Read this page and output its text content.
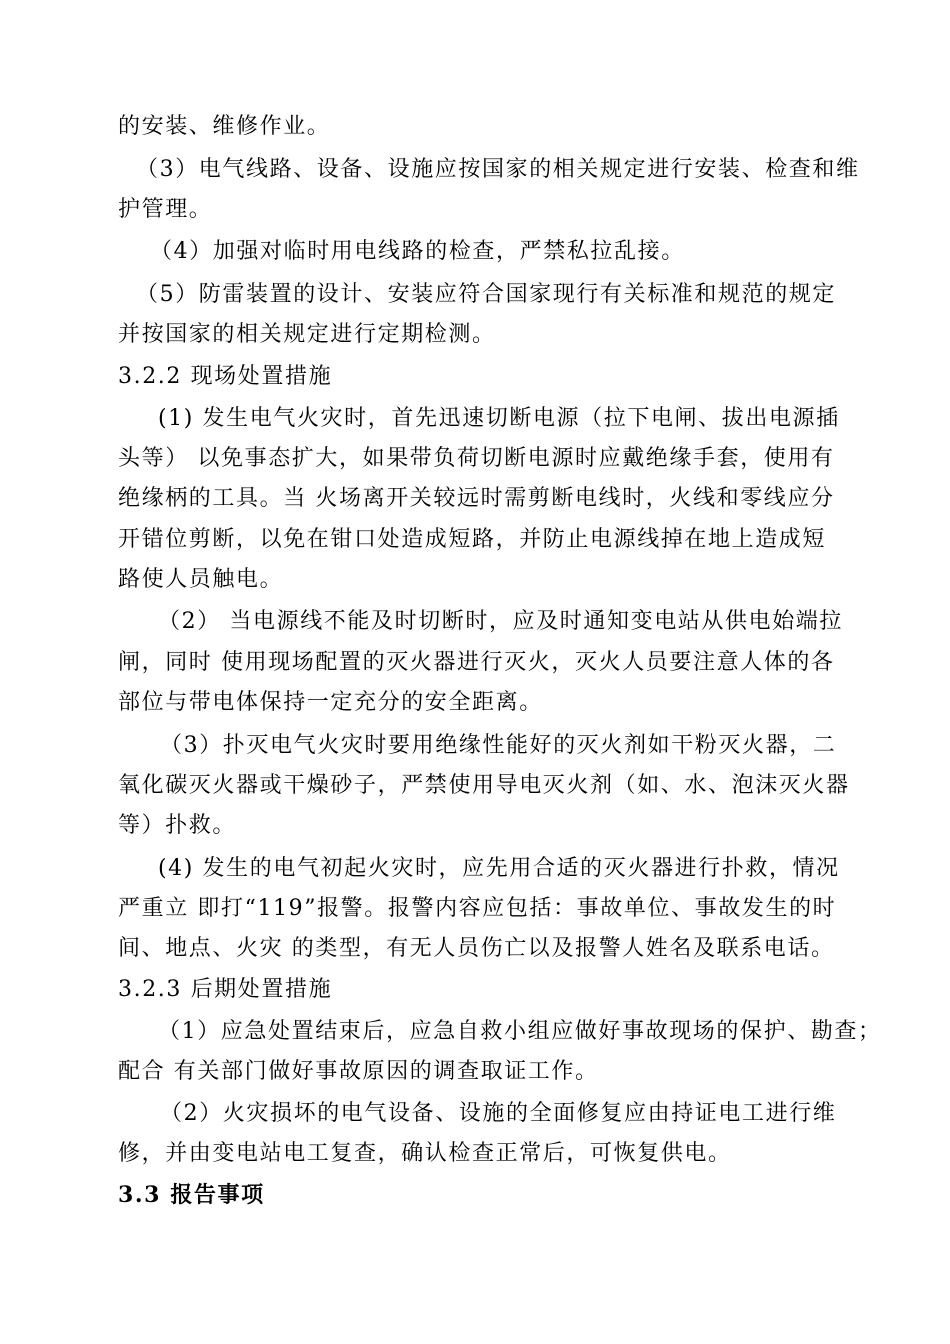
的安装、维修作业。
（3）电气线路、设备、设施应按国家的相关规定进行安装、检查和维
护管理。
（4）加强对临时用电线路的检查，严禁私拉乱接。
（5）防雷装置的设计、安装应符合国家现行有关标准和规范的规定
并按国家的相关规定进行定期检测。
3.2.2 现场处置措施
(1) 发生电气火灾时，首先迅速切断电源（拉下电闸、拔出电源插
头等） 以免事态扩大，如果带负荷切断电源时应戴绝缘手套，使用有
绝缘柄的工具。当 火场离开关较远时需剪断电线时，火线和零线应分
开错位剪断，以免在钳口处造成短路，并防止电源线掉在地上造成短
路使人员触电。
（2） 当电源线不能及时切断时，应及时通知变电站从供电始端拉
闸，同时 使用现场配置的灭火器进行灭火，灭火人员要注意人体的各
部位与带电体保持一定充分的安全距离。
（3）扑灭电气火灾时要用绝缘性能好的灭火剂如干粉灭火器，二
氧化碳灭火器或干燥砂子，严禁使用导电灭火剂（如、水、泡沫灭火器
等）扑救。
(4) 发生的电气初起火灾时，应先用合适的灭火器进行扑救，情况
严重立 即打“119”报警。报警内容应包括：事故单位、事故发生的时
间、地点、火灾 的类型，有无人员伤亡以及报警人姓名及联系电话。
3.2.3 后期处置措施
（1）应急处置结束后，应急自救小组应做好事故现场的保护、勘查；
配合 有关部门做好事故原因的调查取证工作。
（2）火灾损坏的电气设备、设施的全面修复应由持证电工进行维
修，并由变电站电工复查，确认检查正常后，可恢复供电。
3.3 报告事项
